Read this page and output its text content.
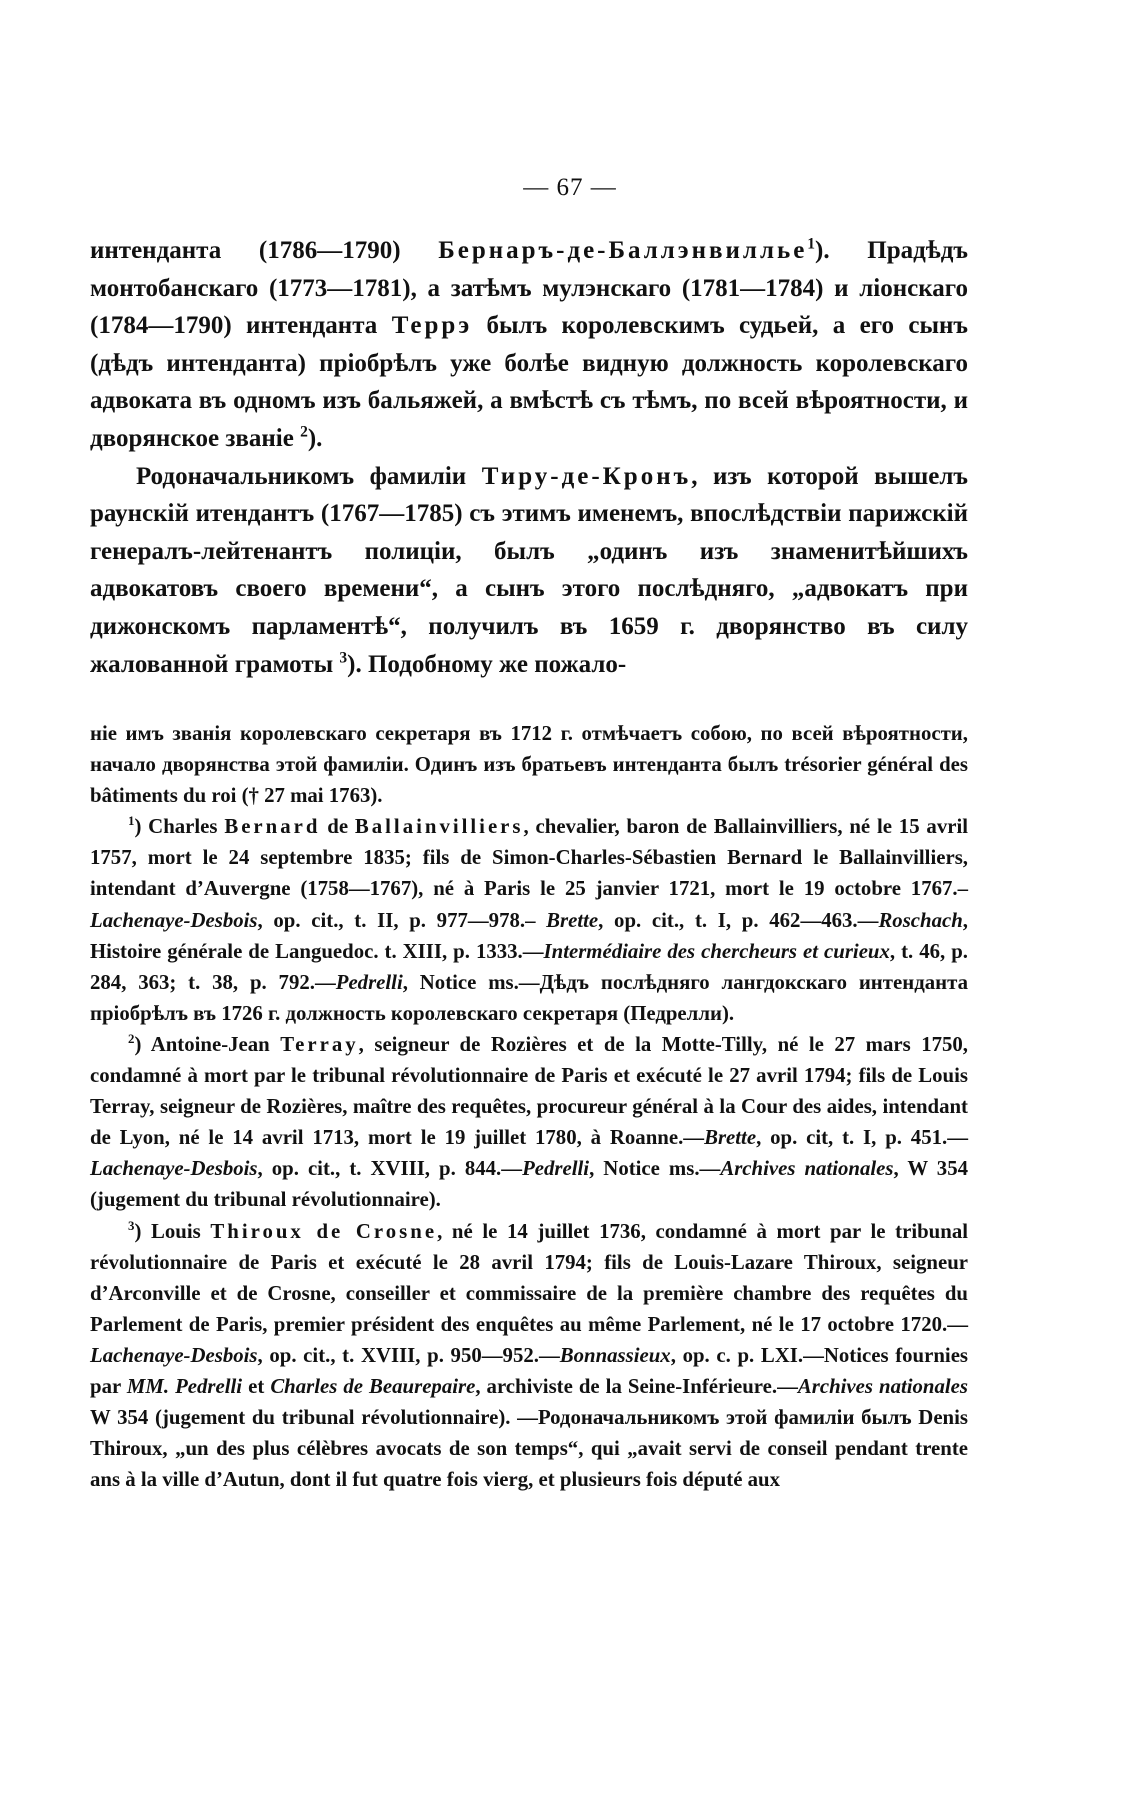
— 67 —

интенданта (1786—1790) Бернаръ-де-Баллэнвиллье$^1$). Прадѣдъ монтобанскаго (1773—1781), а затѣмъ мулэнскаго (1781—1784) и ліонскаго (1784—1790) интенданта Террэ былъ королевскимъ судьей, а его сынъ (дѣдъ интенданта) пріобрѣлъ уже болѣе видную должность королевскаго адвоката въ одномъ изъ бальяжей, а вмѣстѣ съ тѣмъ, по всей вѣроятности, и дворянское званіе $^2$).

Родоначальникомъ фамиліи Тиру-де-Кронъ, изъ которой вышелъ раунскій итендантъ (1767—1785) съ этимъ именемъ, впослѣдствіи парижскій генералъ-лейтенантъ полиціи, былъ „одинъ изъ знаменитѣйшихъ адвокатовъ своего времени“, а сынъ этого послѣдняго, „адвокатъ при дижонскомъ парламентѣ“, получилъ въ 1659 г. дворянство въ силу жалованной грамоты $^3$). Подобному же пожало-

ніе имъ званія королевскаго секретаря въ 1712 г. отмѣчаетъ собою, по всей вѣроятности, начало дворянства этой фамиліи. Одинъ изъ братьевъ интенданта былъ trésorier général des bâtiments du roi († 27 mai 1763).

$^1$) Charles Bernard de Ballainvilliers, chevalier, baron de Ballainvilliers, né le 15 avril 1757, mort le 24 septembre 1835; fils de Simon-Charles-Sébastien Bernard le Ballainvilliers, intendant d’Auvergne (1758—1767), né à Paris le 25 janvier 1721, mort le 19 octobre 1767.– Lachenaye-Desbois, op. cit., t. II, p. 977—978.– Brette, op. cit., t. I, p. 462—463.—Roschach, Histoire générale de Languedoc. t. XIII, p. 1333.—Intermédiaire des chercheurs et curieux, t. 46, p. 284, 363; t. 38, p. 792.—Pedrelli, Notice ms.—Дѣдъ послѣдняго лангдокскаго интенданта пріобрѣлъ въ 1726 г. должность королевскаго секретаря (Педрелли).

$^2$) Antoine-Jean Terray, seigneur de Rozières et de la Motte-Tilly, né le 27 mars 1750, condamné à mort par le tribunal révolutionnaire de Paris et exécuté le 27 avril 1794; fils de Louis Terray, seigneur de Rozières, maître des requêtes, procureur général à la Cour des aides, intendant de Lyon, né le 14 avril 1713, mort le 19 juillet 1780, à Roanne.—Brette, op. cit, t. I, p. 451.—Lachenaye-Desbois, op. cit., t. XVIII, p. 844.—Pedrelli, Notice ms.—Archives nationales, W 354 (jugement du tribunal révolutionnaire).

$^3$) Louis Thiroux de Crosne, né le 14 juillet 1736, condamné à mort par le tribunal révolutionnaire de Paris et exécuté le 28 avril 1794; fils de Louis-Lazare Thiroux, seigneur d’Arconville et de Crosne, conseiller et commissaire de la première chambre des requêtes du Parlement de Paris, premier président des enquêtes au même Parlement, né le 17 octobre 1720.—Lachenaye-Desbois, op. cit., t. XVIII, p. 950—952.—Bonnassieux, op. c. p. LXI.—Notices fournies par MM. Pedrelli et Charles de Beaurepaire, archiviste de la Seine-Inférieure.—Archives nationales W 354 (jugement du tribunal révolutionnaire). —Родоначальникомъ этой фамиліи былъ Denis Thiroux, „un des plus célèbres avocats de son temps“, qui „avait servi de conseil pendant trente ans à la ville d’Autun, dont il fut quatre fois vierg, et plusieurs fois député aux
